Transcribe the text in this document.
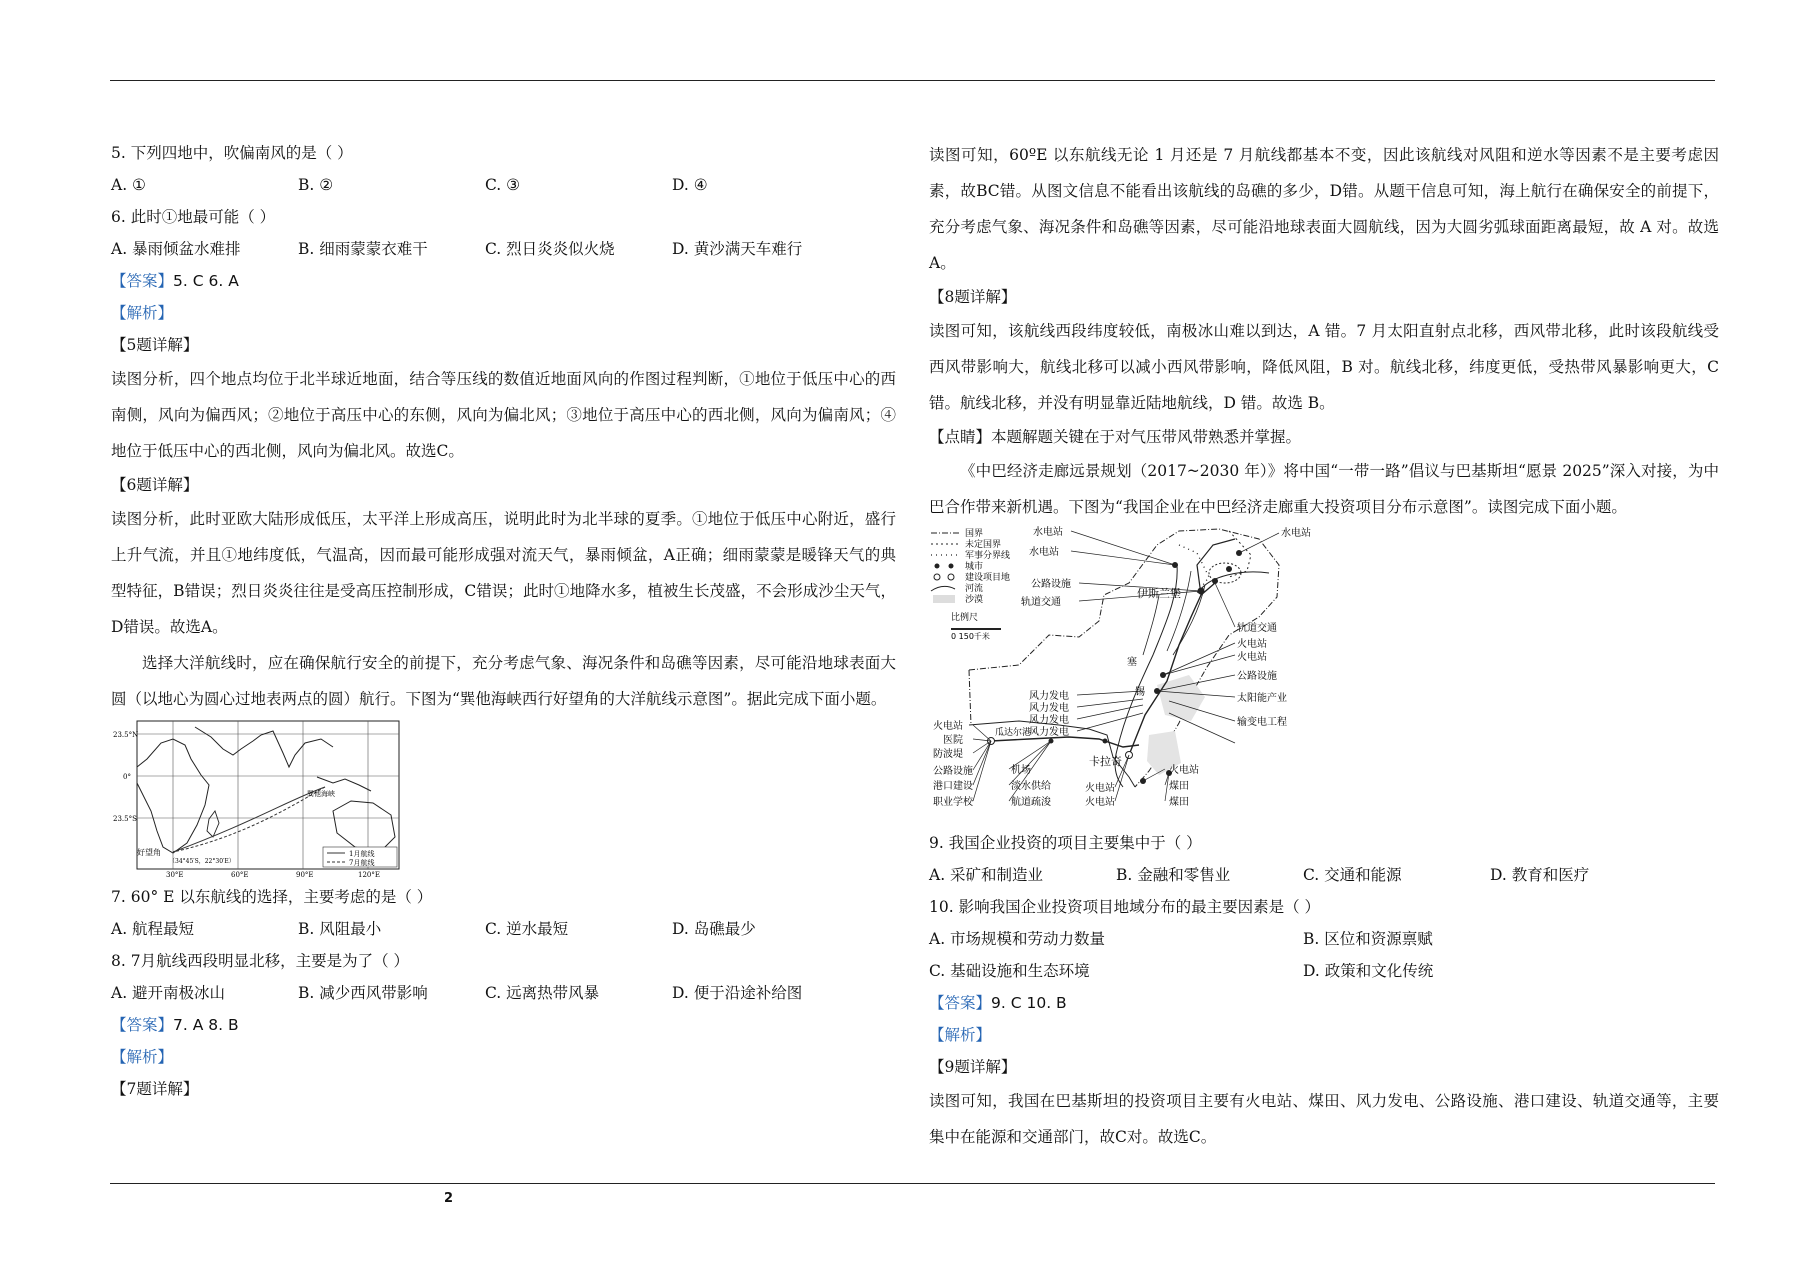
5. 下列四地中，吹偏南风的是（ ）
A. ①	B. ②	C. ③	D. ④
6. 此时①地最可能（ ）
A. 暴雨倾盆水难排	B. 细雨蒙蒙衣难干	C. 烈日炎炎似火烧	D. 黄沙满天车难行
【答案】5. C 6. A
【解析】
【5题详解】
读图分析，四个地点均位于北半球近地面，结合等压线的数值近地面风向的作图过程判断，①地位于低压中心的西南侧，风向为偏西风；②地位于高压中心的东侧，风向为偏北风；③地位于高压中心的西北侧，风向为偏南风；④地位于低压中心的西北侧，风向为偏北风。故选C。
【6题详解】
读图分析，此时亚欧大陆形成低压，太平洋上形成高压，说明此时为北半球的夏季。①地位于低压中心附近，盛行上升气流，并且①地纬度低，气温高，因而最可能形成强对流天气，暴雨倾盆，A正确；细雨蒙蒙是暖锋天气的典型特征，B错误；烈日炎炎往往是受高压控制形成，C错误；此时①地降水多，植被生长茂盛，不会形成沙尘天气，D错误。故选A。
选择大洋航线时，应在确保航行安全的前提下，充分考虑气象、海况条件和岛礁等因素，尽可能沿地球表面大圆（以地心为圆心过地表两点的圆）航行。下图为“巽他海峡西行好望角的大洋航线示意图”。据此完成下面小题。
23.5°N
0°
23.5°S
30°E	60°E	90°E	120°E
好望角
（34°45′S，22°30′E）
巽他海峡
1月航线
7月航线
7. 60° E 以东航线的选择，主要考虑的是（ ）
A. 航程最短	B. 风阻最小	C. 逆水最短	D. 岛礁最少
8. 7月航线西段明显北移，主要是为了（ ）
A. 避开南极冰山	B. 减少西风带影响	C. 远离热带风暴	D. 便于沿途补给图
【答案】7. A 8. B
【解析】
【7题详解】
读图可知，60ºE 以东航线无论 1 月还是 7 月航线都基本不变，因此该航线对风阻和逆水等因素不是主要考虑因素，故BC错。从图文信息不能看出该航线的岛礁的多少，D错。从题干信息可知，海上航行在确保安全的前提下，充分考虑气象、海况条件和岛礁等因素，尽可能沿地球表面大圆航线，因为大圆劣弧球面距离最短，故 A 对。故选 A。
【8题详解】
读图可知，该航线西段纬度较低，南极冰山难以到达，A 错。7 月太阳直射点北移，西风带北移，此时该段航线受西风带影响大，航线北移可以减小西风带影响，降低风阻，B 对。航线北移，纬度更低，受热带风暴影响更大，C 错。航线北移，并没有明显靠近陆地航线，D 错。故选 B。
【点睛】本题解题关键在于对气压带风带熟悉并掌握。
《中巴经济走廊远景规划（2017~2030 年）》将中国“一带一路”倡议与巴基斯坦“愿景 2025”深入对接，为中巴合作带来新机遇。下图为“我国企业在中巴经济走廊重大投资项目分布示意图”。读图完成下面小题。
国界
未定国界
军事分界线
城市
建设项目地
河流
沙漠
比例尺
0 150千米
水电站
水电站
水电站
公路设施
轨道交通
伊斯兰堡
轨道交通
火电站
火电站
公路设施
太阳能产业
输变电工程
风力发电
风力发电
风力发电
风力发电
火电站
医院
防波堤
瓜达尔港
公路设施
港口建设
职业学校
机场
淡水供给
航道疏浚
卡拉奇
火电站
火电站
火电站
煤田
煤田
塞
锡
9. 我国企业投资的项目主要集中于（ ）
A. 采矿和制造业	B. 金融和零售业	C. 交通和能源	D. 教育和医疗
10. 影响我国企业投资项目地域分布的最主要因素是（ ）
A. 市场规模和劳动力数量	B. 区位和资源禀赋
C. 基础设施和生态环境	D. 政策和文化传统
【答案】9. C 10. B
【解析】
【9题详解】
读图可知，我国在巴基斯坦的投资项目主要有火电站、煤田、风力发电、公路设施、港口建设、轨道交通等，主要集中在能源和交通部门，故C对。故选C。
2
